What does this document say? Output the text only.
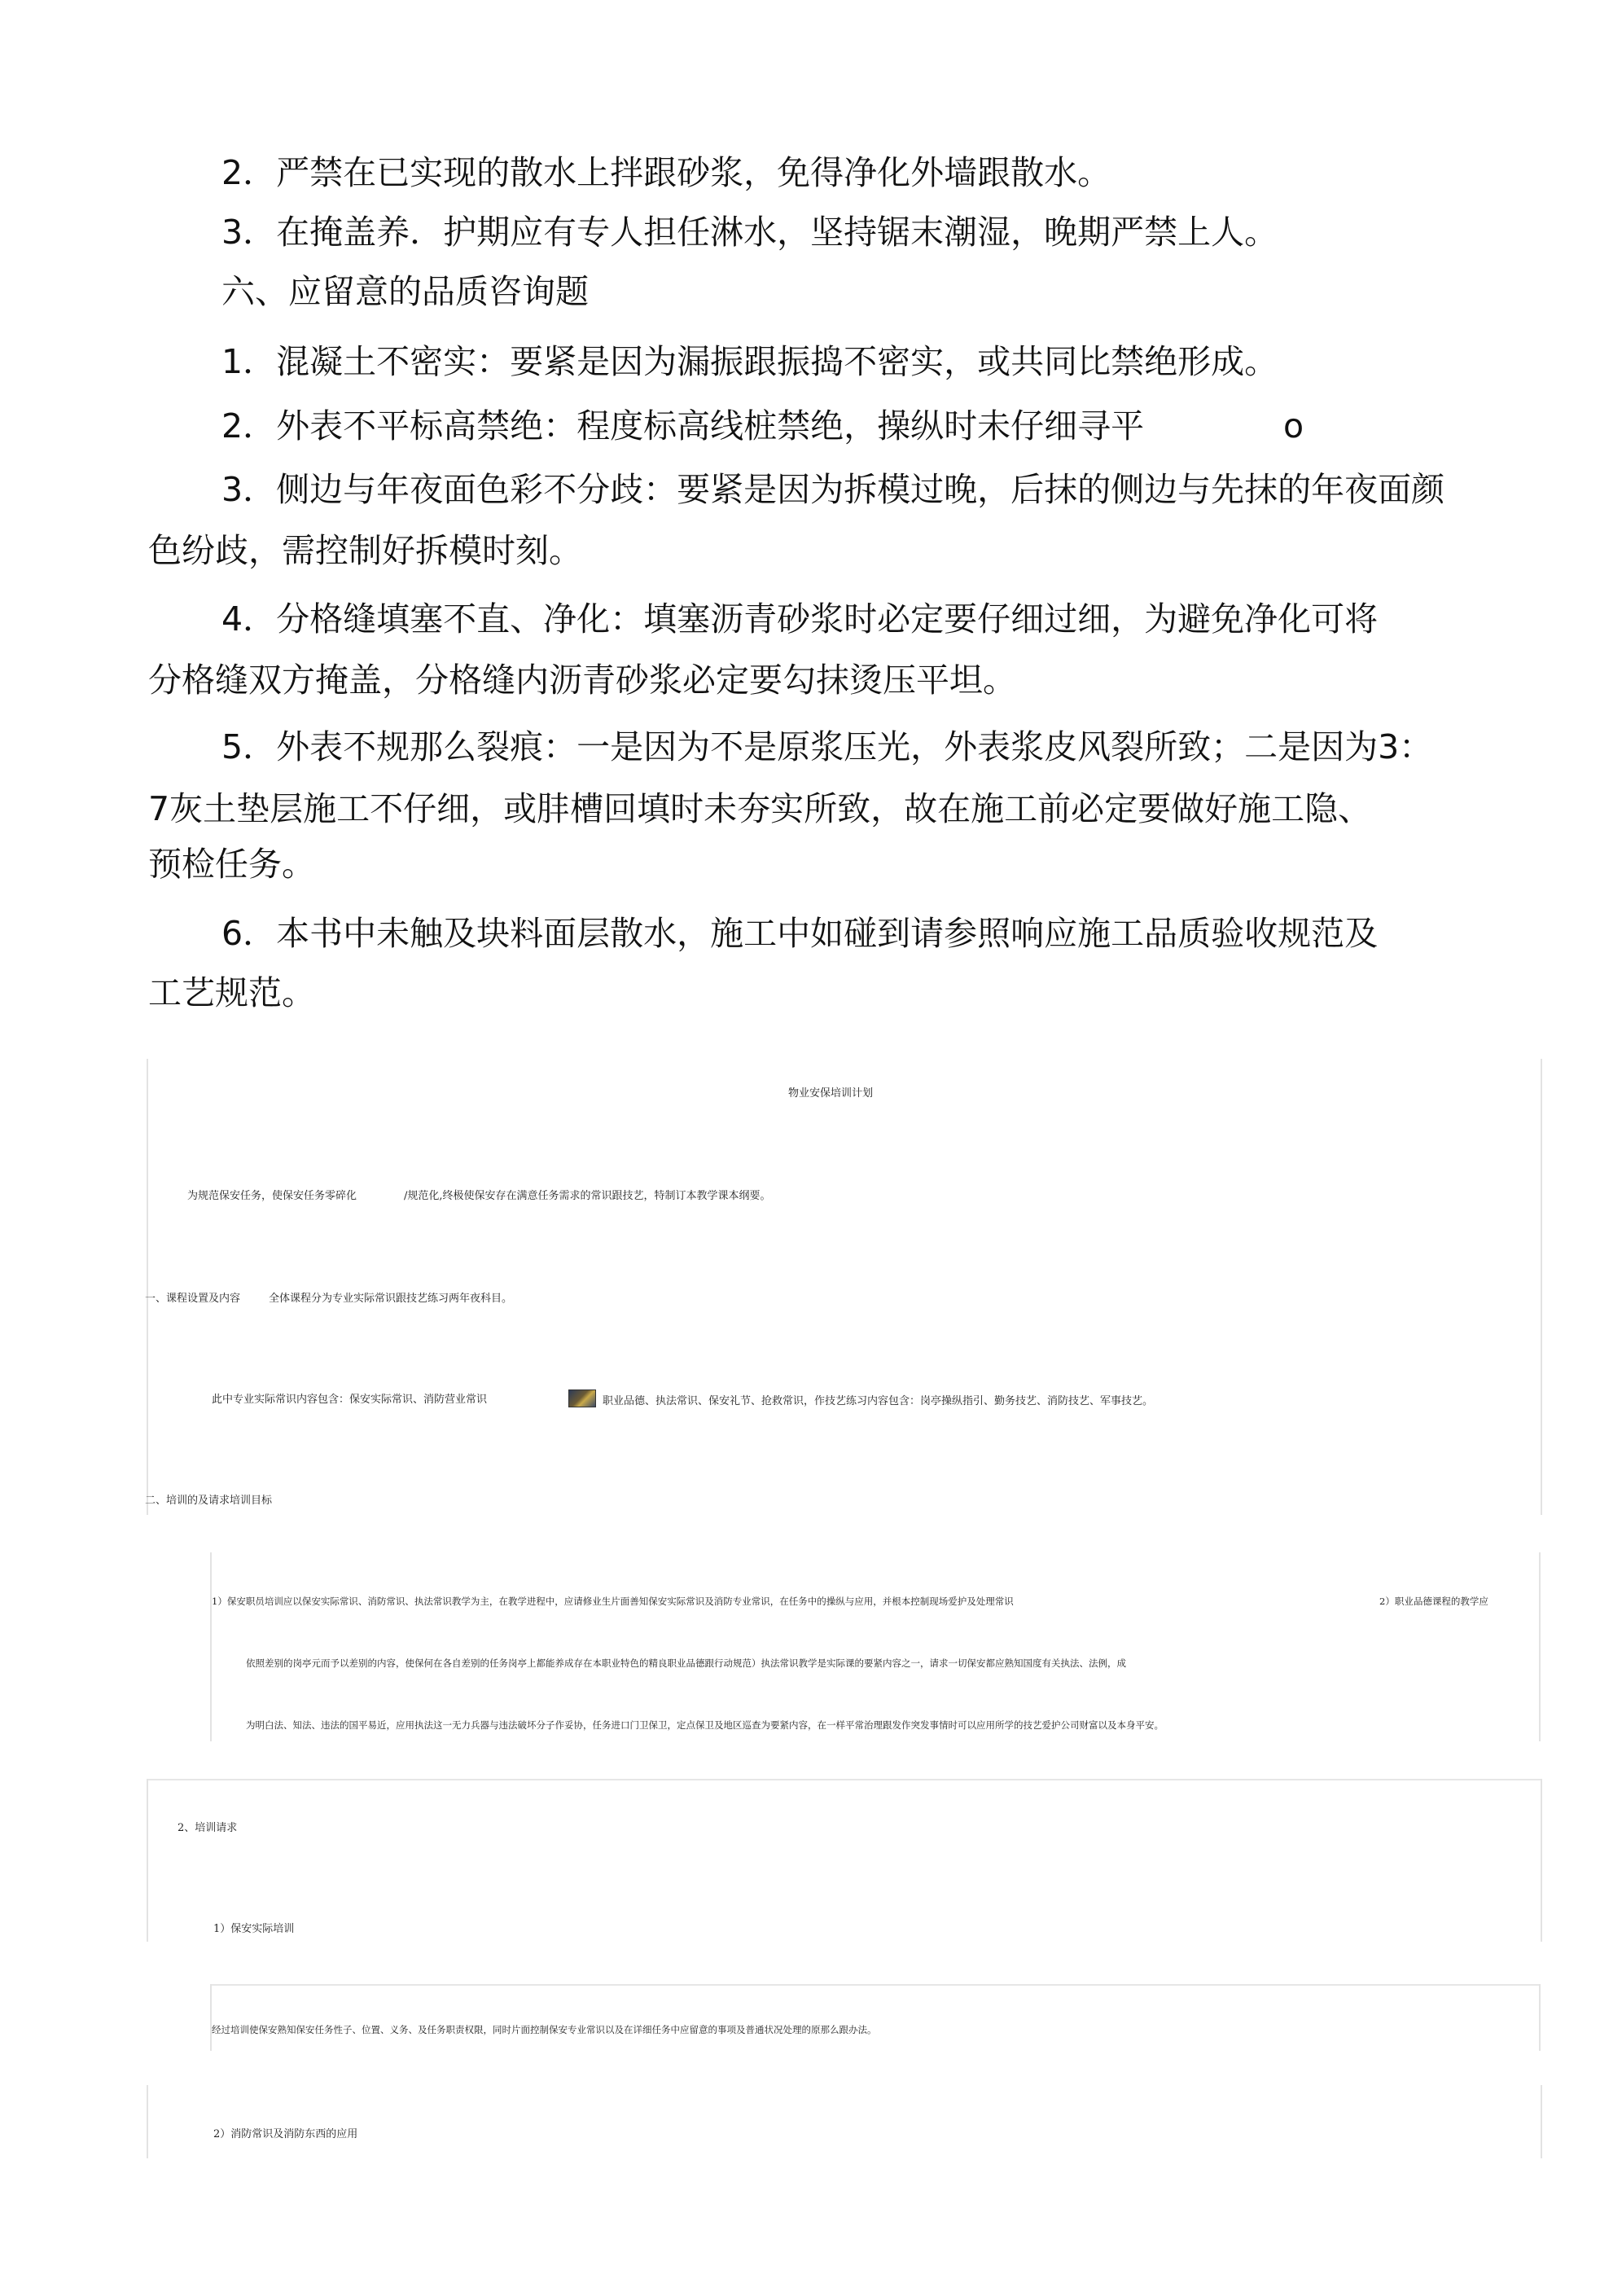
2．严禁在已实现的散水上拌跟砂浆，免得净化外墙跟散水。
3．在掩盖养．护期应有专人担任淋水，坚持锯末潮湿，晚期严禁上人。
六、应留意的品质咨询题
1．混凝土不密实：要紧是因为漏振跟振捣不密实，或共同比禁绝形成。
2．外表不平标高禁绝：程度标高线桩禁绝，操纵时未仔细寻平	o
3．侧边与年夜面色彩不分歧：要紧是因为拆模过晚，后抹的侧边与先抹的年夜面颜
色纷歧，需控制好拆模时刻。
4．分格缝填塞不直、净化：填塞沥青砂浆时必定要仔细过细，为避免净化可将
分格缝双方掩盖，分格缝内沥青砂浆必定要勾抹烫压平坦。
5．外表不规那么裂痕：一是因为不是原浆压光，外表浆皮风裂所致；二是因为3：
7灰土垫层施工不仔细，或肨槽回填时未夯实所致，故在施工前必定要做好施工隐、
预检任务。
6．本书中未触及块料面层散水，施工中如碰到请参照响应施工品质验收规范及
工艺规范。
物业安保培训计划
为规范保安任务，使保安任务零碎化	/规范化,终极使保安存在满意任务需求的常识跟技艺，特制订本教学课本纲要。
一、课程设置及内容	全体课程分为专业实际常识跟技艺练习两年夜科目。
此中专业实际常识内容包含：保安实际常识、消防营业常识	职业品德、执法常识、保安礼节、抢救常识，作技艺练习内容包含：岗亭操纵指引、勤务技艺、消防技艺、军事技艺。
二、培训的及请求培训目标
1）保安职员培训应以保安实际常识、消防常识、执法常识教学为主，在教学进程中，应请修业生片面善知保安实际常识及消防专业常识，在任务中的操纵与应用，并根本控制现场爱护及处理常识	2）职业品德课程的教学应
依照差别的岗亭元而予以差别的内容，使保何在各自差别的任务岗亭上都能养成存在本职业特色的精良职业品德跟行动规范）执法常识教学是实际课的要紧内容之一，请求一切保安都应熟知国度有关执法、法例，成
为明白法、知法、违法的国平易近，应用执法这一无力兵器与违法破坏分子作妥协，任务进口门卫保卫，定点保卫及地区巡查为要紧内容，在一样平常治理跟发作突发事情时可以应用所学的技艺爱护公司财富以及本身平安。
2、培训请求
1）保安实际培训
经过培训使保安熟知保安任务性子、位置、义务、及任务职责权限，同时片面控制保安专业常识以及在详细任务中应留意的事项及普通状况处理的原那么跟办法。
2）消防常识及消防东西的应用
